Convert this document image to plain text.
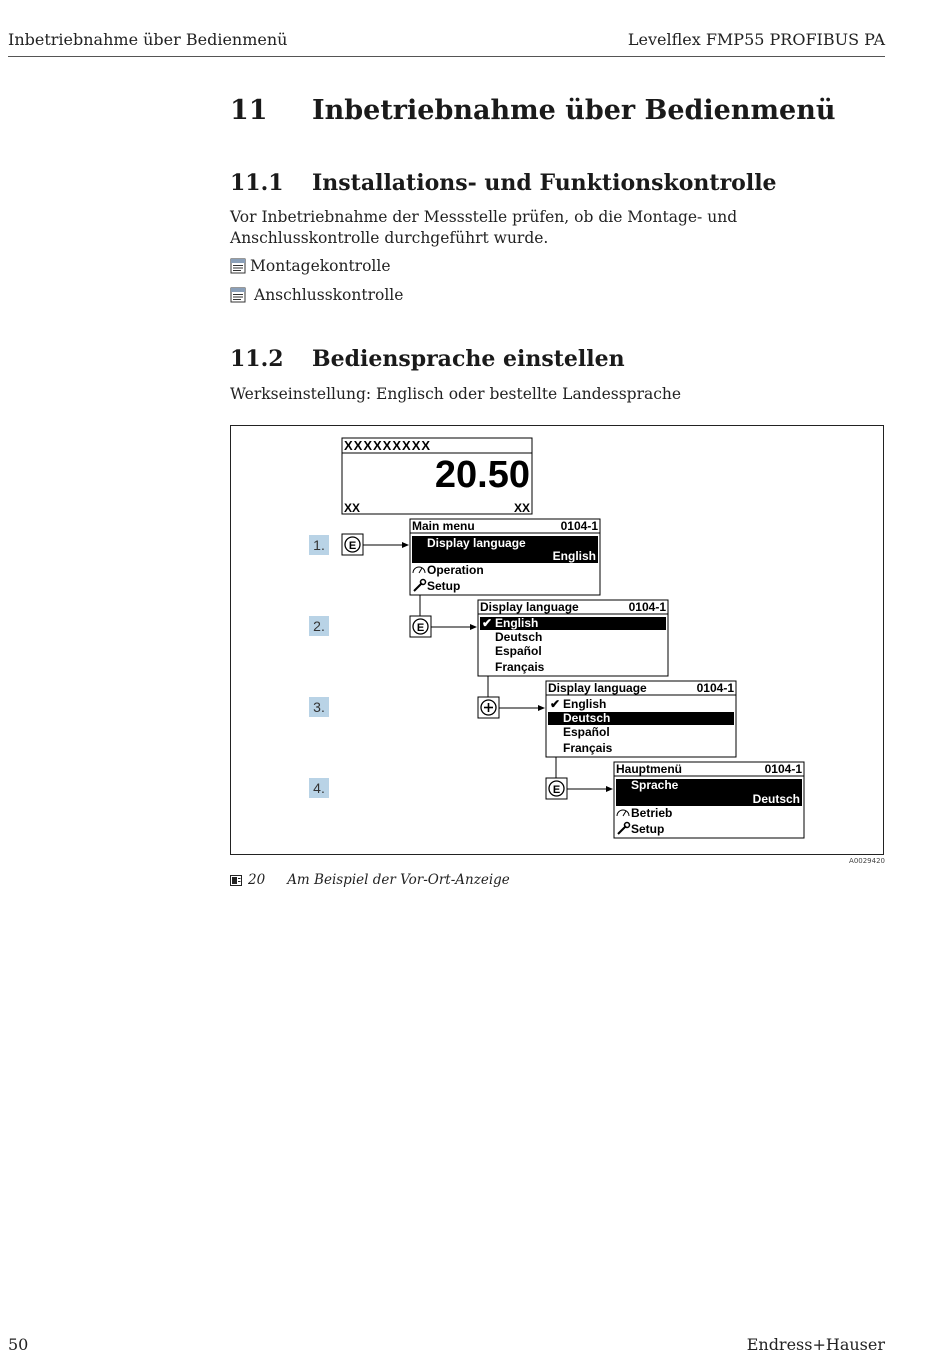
Inbetriebnahme über Bedienmenü	Levelflex FMP55 PROFIBUS PA
11 Inbetriebnahme über Bedienmenü
11.1 Installations- und Funktionskontrolle
Vor Inbetriebnahme der Messstelle prüfen, ob die Montage- und Anschlusskontrolle durchgeführt wurde.
Montagekontrolle
Anschlusskontrolle
11.2 Bediensprache einstellen
Werkseinstellung: Englisch oder bestellte Landessprache
XXXXXXXXX
20.50
XX	XX
1.
2.
3.
4.
E
Main menu	0104-1
Display language
English
Operation
Setup
E
Display language	0104-1
✔ English
Deutsch
Español
Français
Display language	0104-1
✔ English
Deutsch
Español
Français
E
Hauptmenü	0104-1
Sprache
Deutsch
Betrieb
Setup
A0029420
20 Am Beispiel der Vor-Ort-Anzeige
50	Endress+Hauser
